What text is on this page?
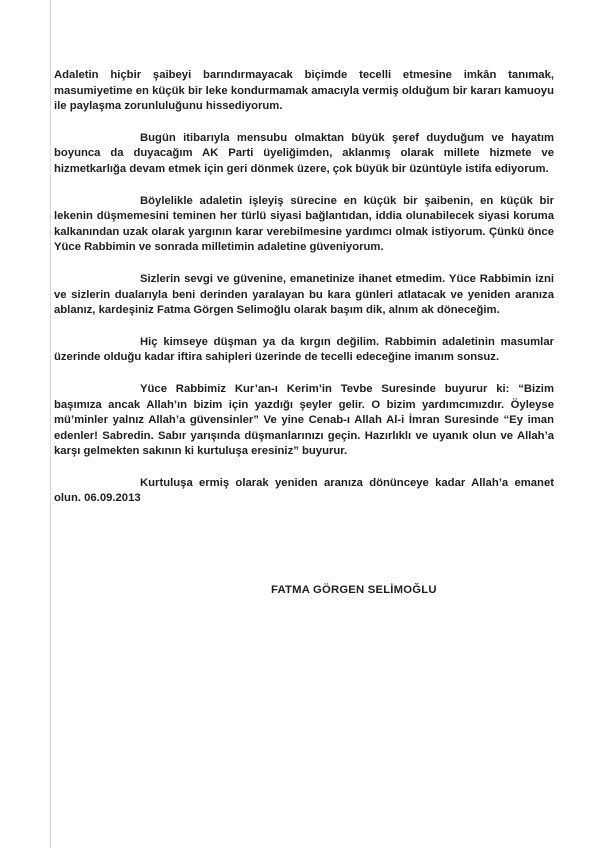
Adaletin hiçbir şaibeyi barındırmayacak biçimde tecelli etmesine imkân tanımak, masumiyetime en küçük bir leke kondurmamak amacıyla vermiş olduğum bir kararı kamuoyu ile paylaşma zorunluluğunu hissediyorum.

Bugün itibarıyla mensubu olmaktan büyük şeref duyduğum ve hayatım boyunca da duyacağım AK Parti üyeliğimden, aklanmış olarak millete hizmete ve hizmetkarlığa devam etmek için geri dönmek üzere, çok büyük bir üzüntüyle istifa ediyorum.

Böylelikle adaletin işleyiş sürecine en küçük bir şaibenin, en küçük bir lekenin düşmemesini teminen her türlü siyasi bağlantıdan, iddia olunabilecek siyasi koruma kalkanından uzak olarak yargının karar verebilmesine yardımcı olmak istiyorum. Çünkü önce Yüce Rabbimin ve sonrada milletimin adaletine güveniyorum.

Sizlerin sevgi ve güvenine, emanetinize ihanet etmedim. Yüce Rabbimin izni ve sizlerin dualarıyla beni derinden yaralayan bu kara günleri atlatacak ve yeniden aranıza ablanız, kardeşiniz Fatma Görgen Selimoğlu olarak başım dik, alnım ak döneceğim.

Hiç kimseye düşman ya da kırgın değilim. Rabbimin adaletinin masumlar üzerinde olduğu kadar iftira sahipleri üzerinde de tecelli edeceğine imanım sonsuz.

Yüce Rabbimiz Kur’an-ı Kerim’in Tevbe Suresinde buyurur ki: “Bizim başımıza ancak Allah’ın bizim için yazdığı şeyler gelir. O bizim yardımcımızdır. Öyleyse mü’minler yalnız Allah’a güvensinler” Ve yine Cenab-ı Allah Al-i İmran Suresinde “Ey iman edenler! Sabredin. Sabır yarışında düşmanlarınızı geçin. Hazırlıklı ve uyanık olun ve Allah’a karşı gelmekten sakının ki kurtuluşa eresiniz” buyurur.

Kurtuluşa ermiş olarak yeniden aranıza dönünceye kadar Allah’a emanet olun. 06.09.2013

FATMA GÖRGEN SELİMOĞLU
